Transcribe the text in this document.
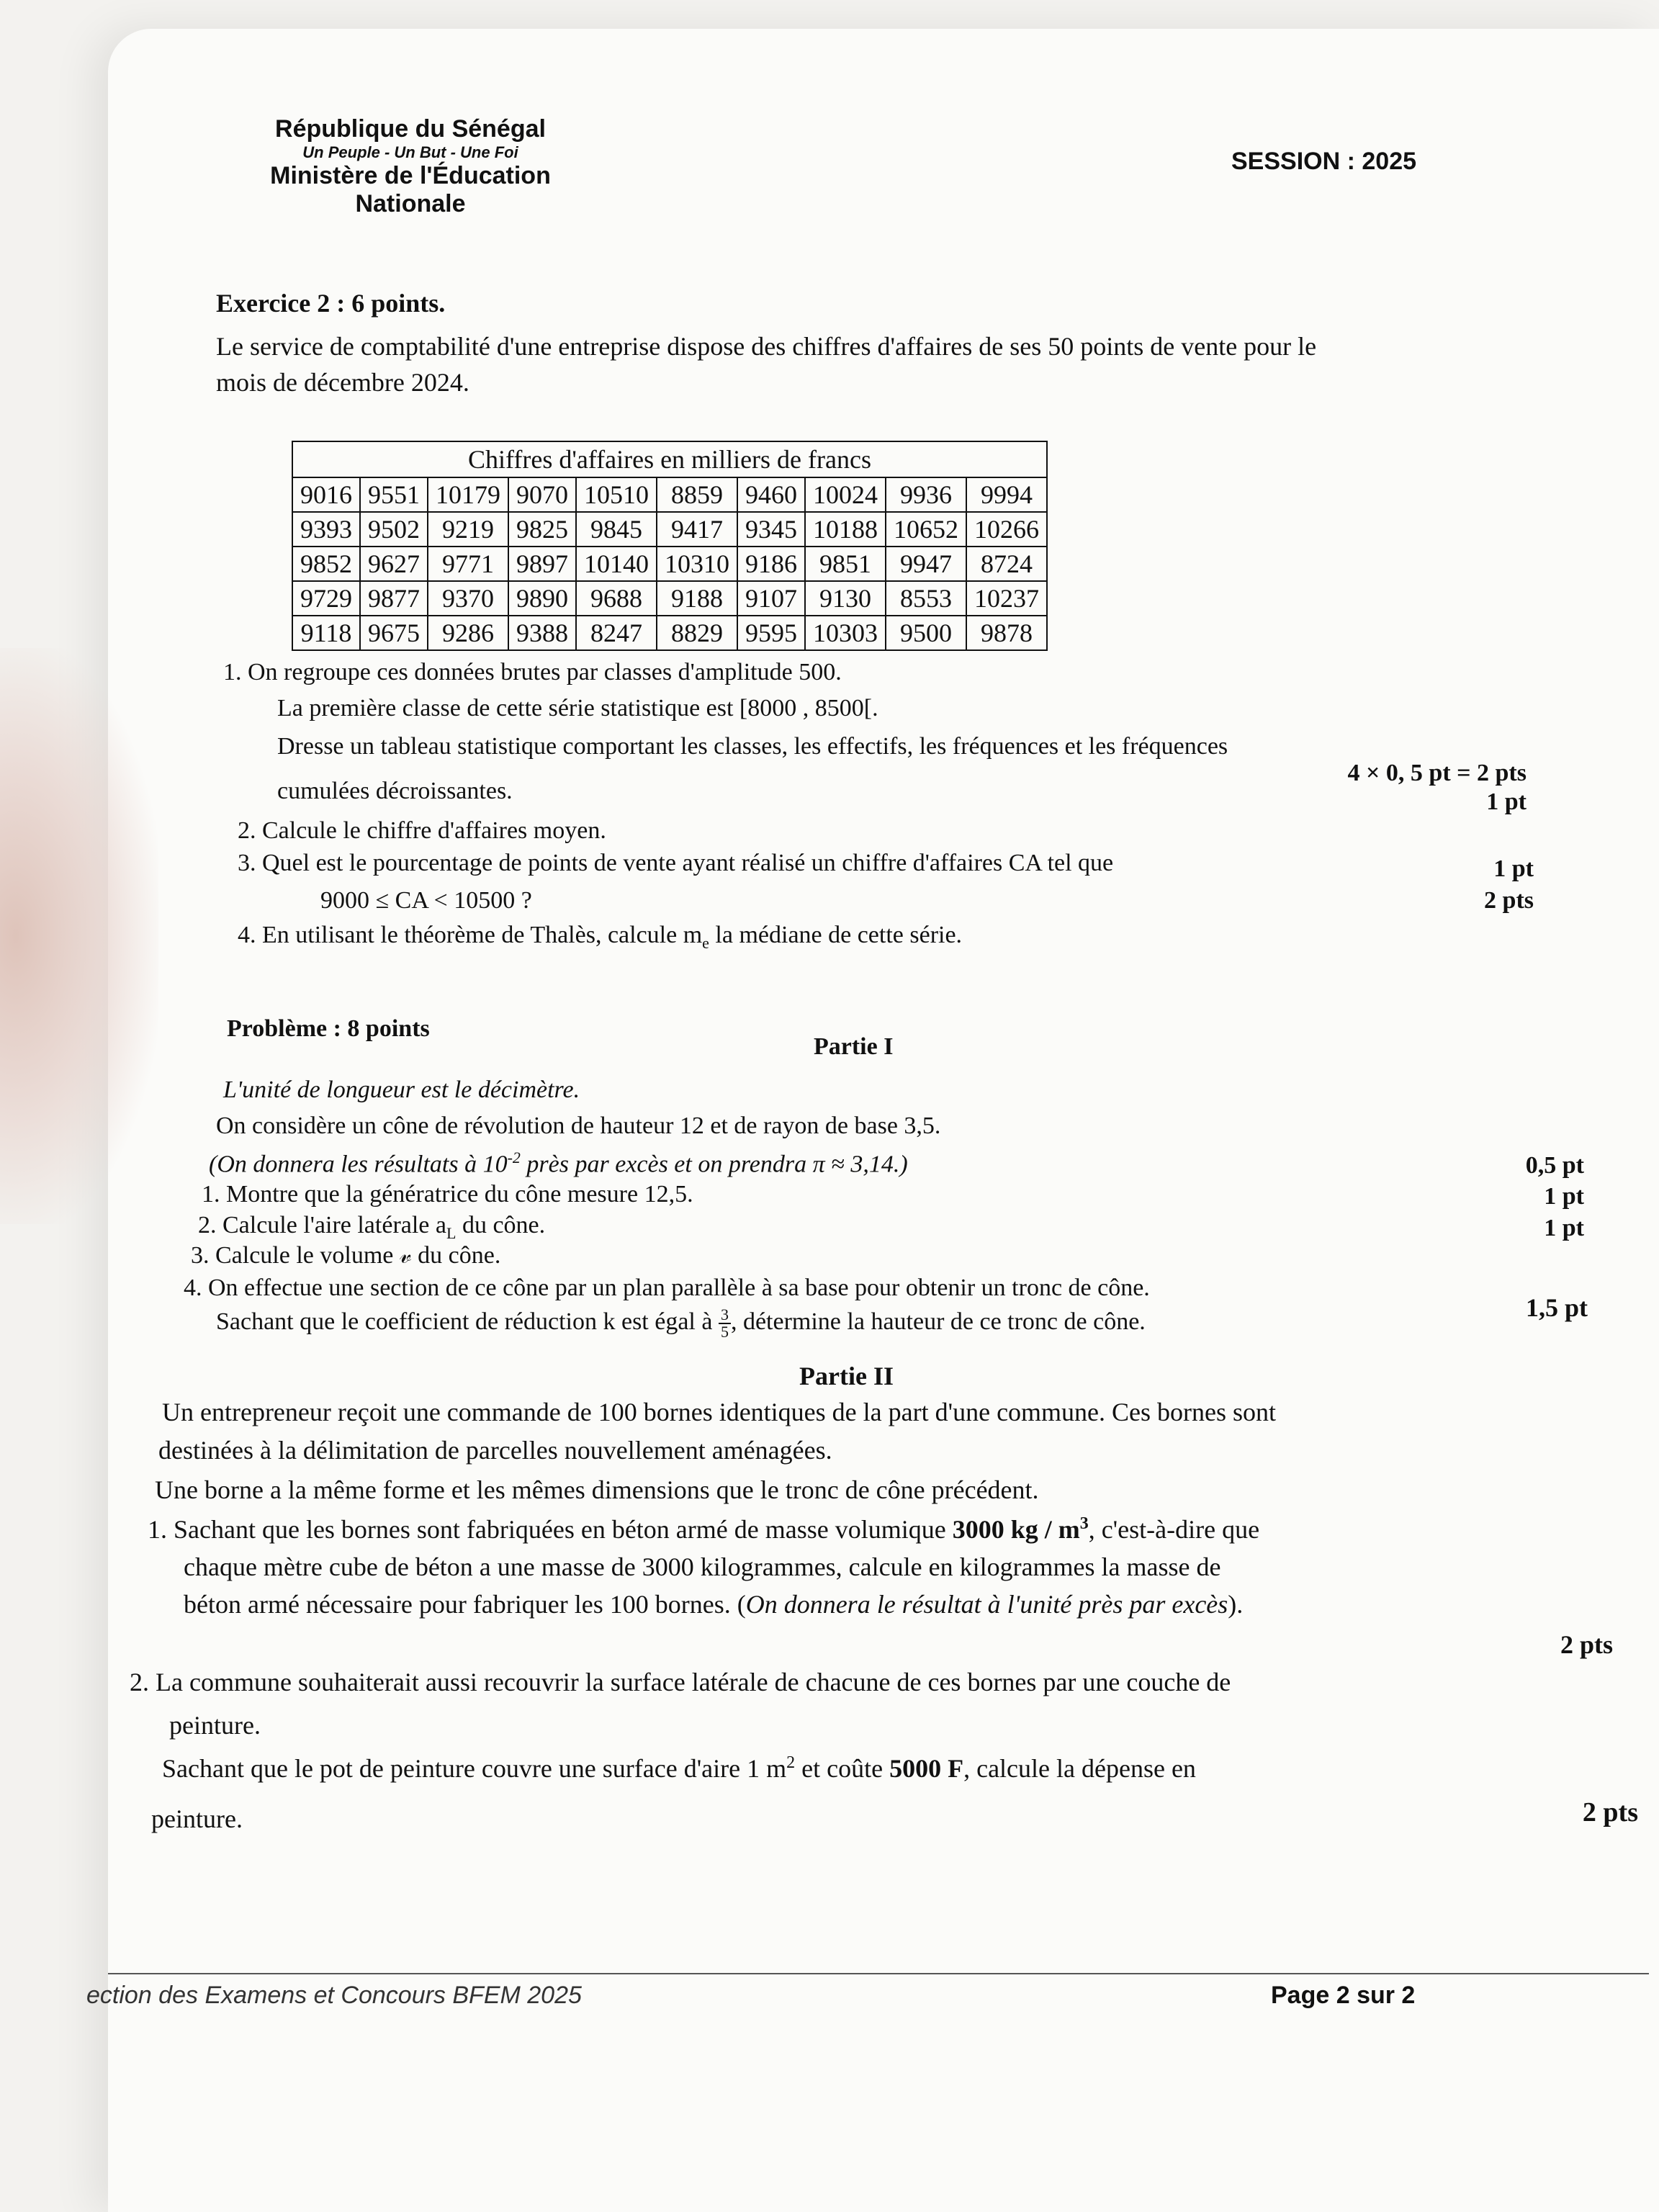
République du Sénégal
Un Peuple - Un But - Une Foi
Ministère de l'Éducation
Nationale
SESSION : 2025
Exercice 2 : 6 points.
Le service de comptabilité d'une entreprise dispose des chiffres d'affaires de ses 50 points de vente pour le
mois de décembre 2024.
Chiffres d'affaires en milliers de francs									
9016	9551	10179	9070	10510	8859	9460	10024	9936	9994
9393	9502	9219	9825	9845	9417	9345	10188	10652	10266
9852	9627	9771	9897	10140	10310	9186	9851	9947	8724
9729	9877	9370	9890	9688	9188	9107	9130	8553	10237
9118	9675	9286	9388	8247	8829	9595	10303	9500	9878
1. On regroupe ces données brutes par classes d'amplitude 500.
La première classe de cette série statistique est [8000 , 8500[.
Dresse un tableau statistique comportant les classes, les effectifs, les fréquences et les fréquences
cumulées décroissantes.
4 × 0, 5 pt = 2 pts
2. Calcule le chiffre d'affaires moyen.
1 pt
3. Quel est le pourcentage de points de vente ayant réalisé un chiffre d'affaires CA tel que
9000 ≤ CA < 10500 ?
1 pt
4. En utilisant le théorème de Thalès, calcule $m_e$ la médiane de cette série.
2 pts
Problème : 8 points
Partie I
L'unité de longueur est le décimètre.
On considère un cône de révolution de hauteur 12 et de rayon de base 3,5.
(On donnera les résultats à $10^{-2}$ près par excès et on prendra π ≈ 3,14.)
1. Montre que la génératrice du cône mesure 12,5.
0,5 pt
2. Calcule l'aire latérale $a_L$ du cône.
1 pt
3. Calcule le volume 𝓋 du cône.
1 pt
4. On effectue une section de ce cône par un plan parallèle à sa base pour obtenir un tronc de cône.
Sachant que le coefficient de réduction k est égal à $\frac{3}{5}$ , détermine la hauteur de ce tronc de cône.	1,5 pt
Partie II
Un entrepreneur reçoit une commande de 100 bornes identiques de la part d'une commune. Ces bornes sont
destinées à la délimitation de parcelles nouvellement aménagées.
Une borne a la même forme et les mêmes dimensions que le tronc de cône précédent.
1. Sachant que les bornes sont fabriquées en béton armé de masse volumique 3000 kg / $m^3$, c'est-à-dire que
chaque mètre cube de béton a une masse de 3000 kilogrammes, calcule en kilogrammes la masse de
béton armé nécessaire pour fabriquer les 100 bornes. (On donnera le résultat à l'unité près par excès).
2 pts
2. La commune souhaiterait aussi recouvrir la surface latérale de chacune de ces bornes par une couche de
peinture.
Sachant que le pot de peinture couvre une surface d'aire 1 $m^2$ et coûte 5000 F, calcule la dépense en
peinture.	2 pts
ection des Examens et Concours BFEM 2025	Page 2 sur 2
